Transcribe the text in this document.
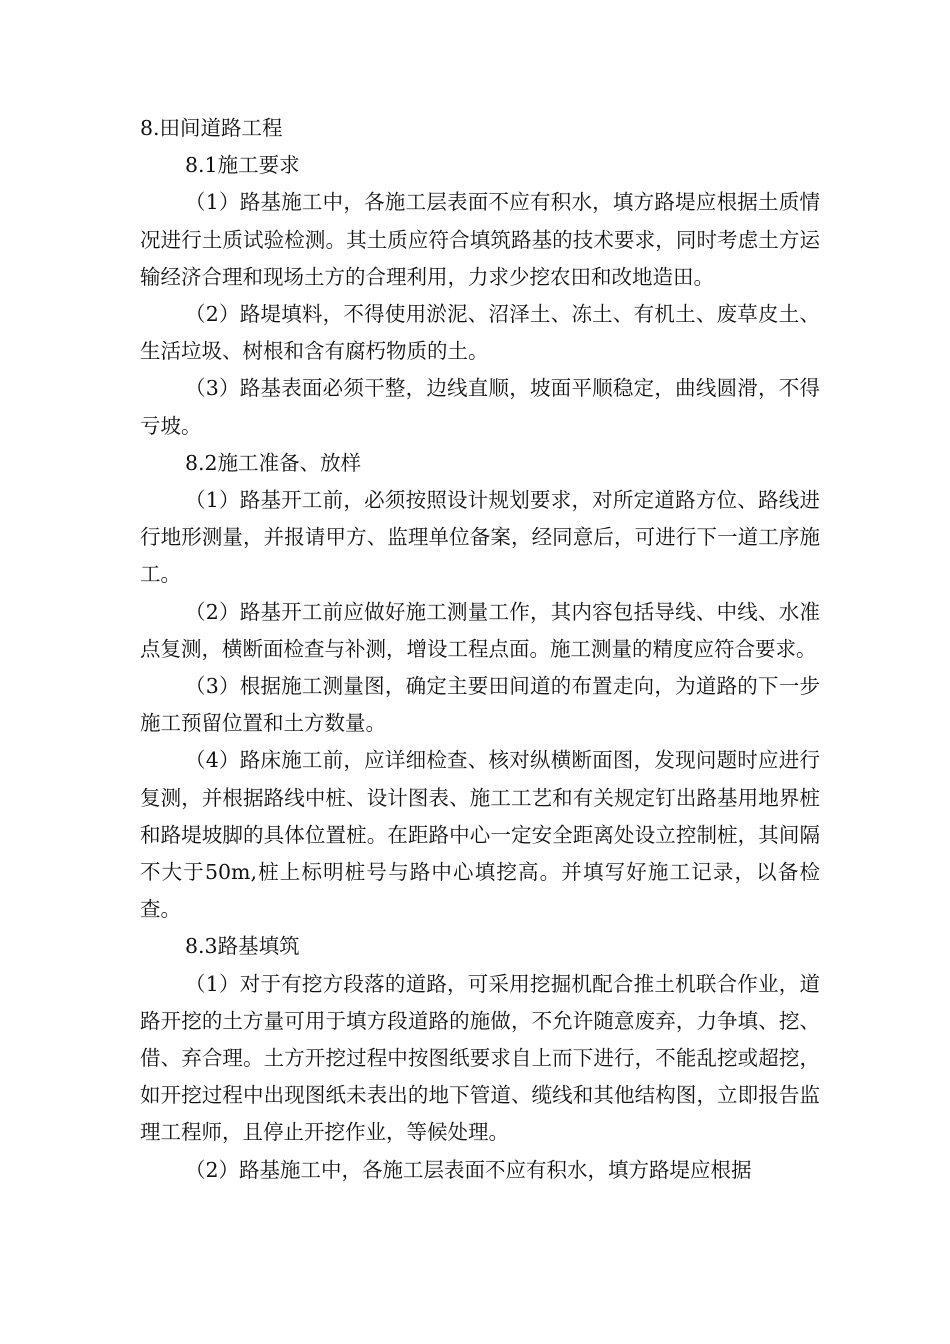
8.田间道路工程

8.1施工要求

（1）路基施工中，各施工层表面不应有积水，填方路堤应根据土质情况进行土质试验检测。其土质应符合填筑路基的技术要求，同时考虑土方运输经济合理和现场土方的合理利用，力求少挖农田和改地造田。

（2）路堤填料，不得使用淤泥、沼泽土、冻土、有机土、废草皮土、生活垃圾、树根和含有腐朽物质的土。

（3）路基表面必须干整，边线直顺，坡面平顺稳定，曲线圆滑，不得亏坡。

8.2施工准备、放样

（1）路基开工前，必须按照设计规划要求，对所定道路方位、路线进行地形测量，并报请甲方、监理单位备案，经同意后，可进行下一道工序施工。

（2）路基开工前应做好施工测量工作，其内容包括导线、中线、水准点复测，横断面检查与补测，增设工程点面。施工测量的精度应符合要求。

（3）根据施工测量图，确定主要田间道的布置走向，为道路的下一步施工预留位置和土方数量。

（4）路床施工前，应详细检查、核对纵横断面图，发现问题时应进行复测，并根据路线中桩、设计图表、施工工艺和有关规定钉出路基用地界桩和路堤坡脚的具体位置桩。在距路中心一定安全距离处设立控制桩，其间隔不大于50m,桩上标明桩号与路中心填挖高。并填写好施工记录，以备检查。

8.3路基填筑

（1）对于有挖方段落的道路，可采用挖掘机配合推土机联合作业，道路开挖的土方量可用于填方段道路的施做，不允许随意废弃，力争填、挖、借、弃合理。土方开挖过程中按图纸要求自上而下进行，不能乱挖或超挖，如开挖过程中出现图纸未表出的地下管道、缆线和其他结构图，立即报告监理工程师，且停止开挖作业，等候处理。

（2）路基施工中，各施工层表面不应有积水，填方路堤应根据
